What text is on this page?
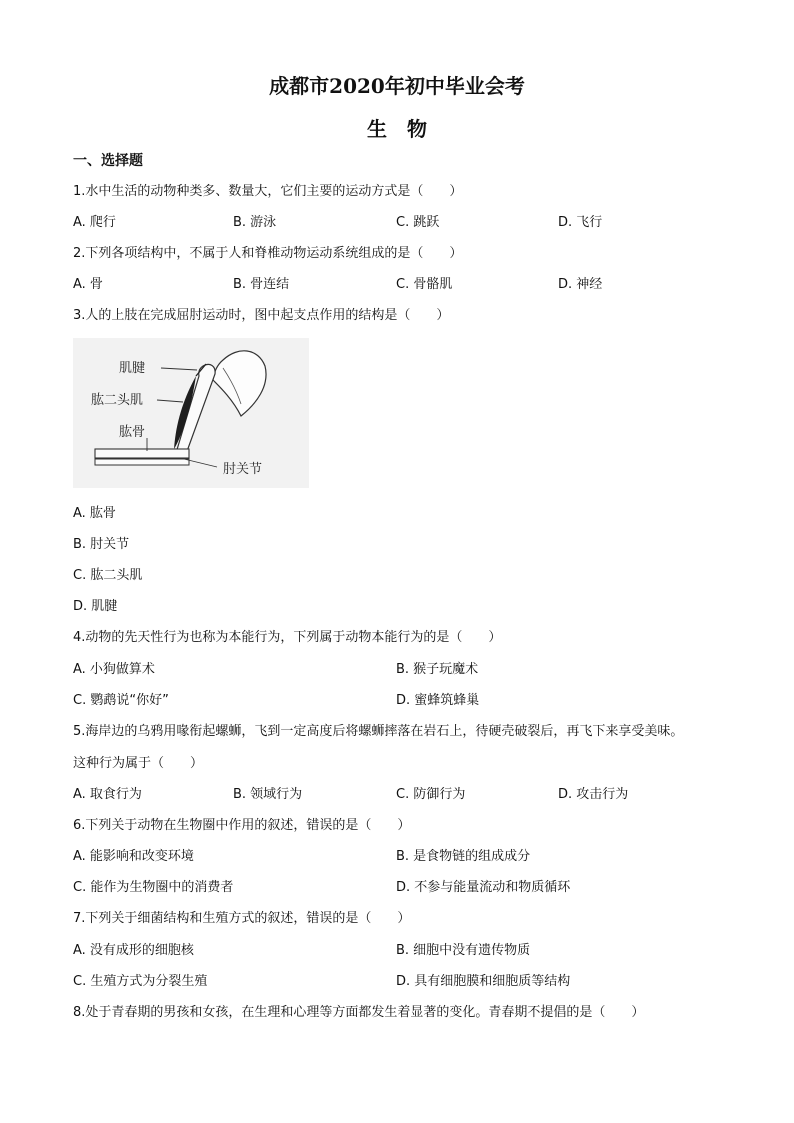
成都市2020年初中毕业会考
生　物
一、选择题
1.水中生活的动物种类多、数量大，它们主要的运动方式是（　　）
A. 爬行	B. 游泳	C. 跳跃	D. 飞行
2.下列各项结构中，不属于人和脊椎动物运动系统组成的是（　　）
A. 骨	B. 骨连结	C. 骨骼肌	D. 神经
3.人的上肢在完成屈肘运动时，图中起支点作用的结构是（　　）
肌腱
肱二头肌
肱骨
肘关节
A. 肱骨
B. 肘关节
C. 肱二头肌
D. 肌腱
4.动物的先天性行为也称为本能行为，下列属于动物本能行为的是（　　）
A. 小狗做算术	B. 猴子玩魔术
C. 鹦鹉说“你好”	D. 蜜蜂筑蜂巢
5.海岸边的乌鸦用喙衔起螺蛳，飞到一定高度后将螺蛳摔落在岩石上，待硬壳破裂后，再飞下来享受美味。
这种行为属于（　　）
A. 取食行为	B. 领域行为	C. 防御行为	D. 攻击行为
6.下列关于动物在生物圈中作用的叙述，错误的是（　　）
A. 能影响和改变环境	B. 是食物链的组成成分
C. 能作为生物圈中的消费者	D. 不参与能量流动和物质循环
7.下列关于细菌结构和生殖方式的叙述，错误的是（　　）
A. 没有成形的细胞核	B. 细胞中没有遗传物质
C. 生殖方式为分裂生殖	D. 具有细胞膜和细胞质等结构
8.处于青春期的男孩和女孩，在生理和心理等方面都发生着显著的变化。青春期不提倡的是（　　）
